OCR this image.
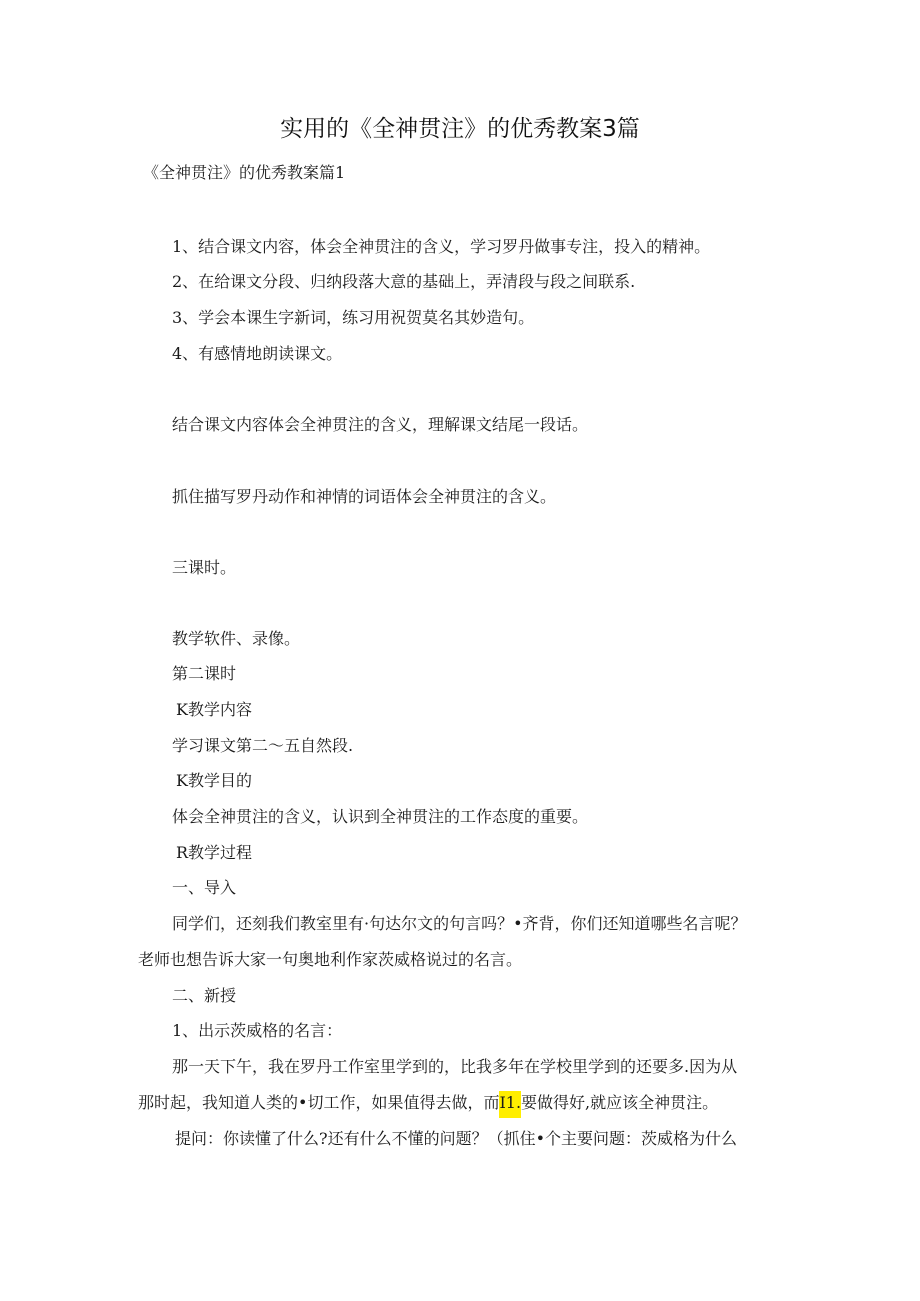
实用的《全神贯注》的优秀教案3篇
《全神贯注》的优秀教案篇1
1、结合课文内容，体会全神贯注的含义，学习罗丹做事专注，投入的精神。
2、在给课文分段、归纳段落大意的基础上，弄清段与段之间联系.
3、学会本课生字新词，练习用祝贺莫名其妙造句。
4、有感情地朗读课文。
结合课文内容体会全神贯注的含义，理解课文结尾一段话。
抓住描写罗丹动作和神情的词语体会全神贯注的含义。
三课时。
教学软件、录像。
第二课时
K教学内容
学习课文第二～五自然段.
K教学目的
体会全神贯注的含义，认识到全神贯注的工作态度的重要。
R教学过程
一、导入
同学们，还刻我们教室里有·句达尔文的句言吗？•齐背，你们还知道哪些名言呢？
老师也想告诉大家一句奥地利作家茨威格说过的名言。
二、新授
1、出示茨威格的名言：
那一天下午，我在罗丹工作室里学到的，比我多年在学校里学到的还要多.因为从
那时起，我知道人类的•切工作，如果值得去做，而I1.要做得好,就应该全神贯注。
提问：你读懂了什么?还有什么不懂的问题？（抓住•个主要问题：茨威格为什么
